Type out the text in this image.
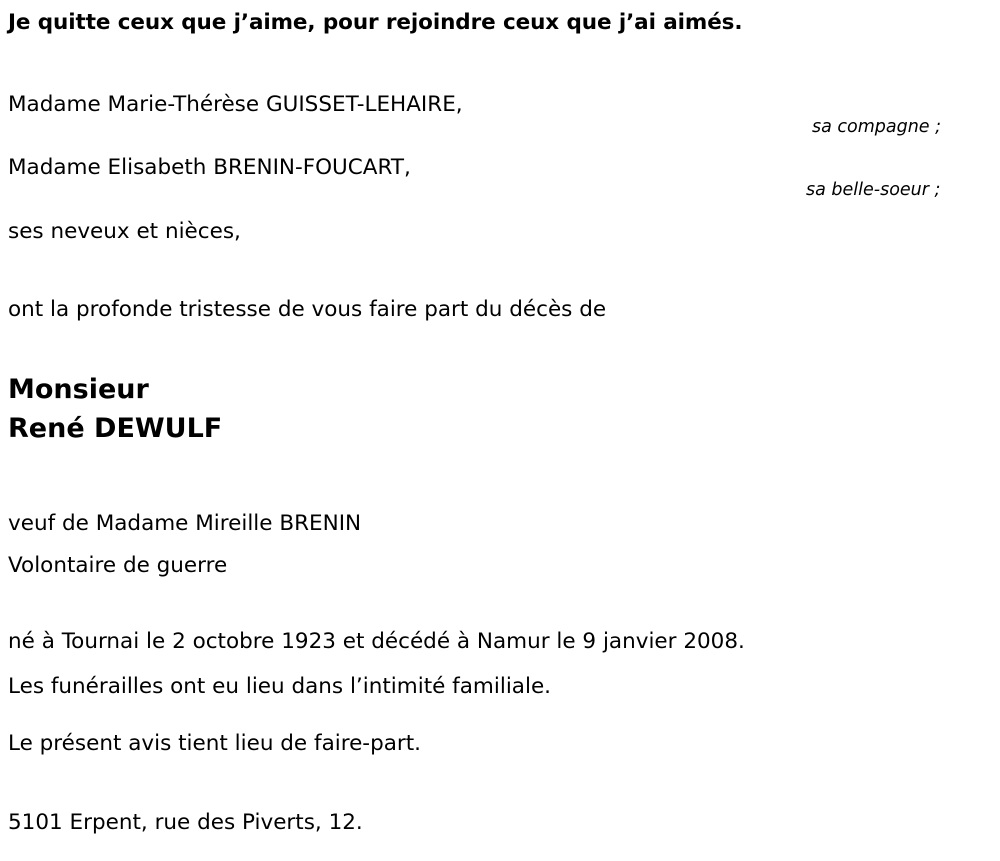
Je quitte ceux que j’aime, pour rejoindre ceux que j’ai aimés.
Madame Marie-Thérèse GUISSET-LEHAIRE,
sa compagne ;
Madame Elisabeth BRENIN-FOUCART,
sa belle-soeur ;
ses neveux et nièces,
ont la profonde tristesse de vous faire part du décès de
Monsieur
René DEWULF
veuf de Madame Mireille BRENIN
Volontaire de guerre
né à Tournai le 2 octobre 1923 et décédé à Namur le 9 janvier 2008.
Les funérailles ont eu lieu dans l’intimité familiale.
Le présent avis tient lieu de faire-part.
5101 Erpent, rue des Piverts, 12.
